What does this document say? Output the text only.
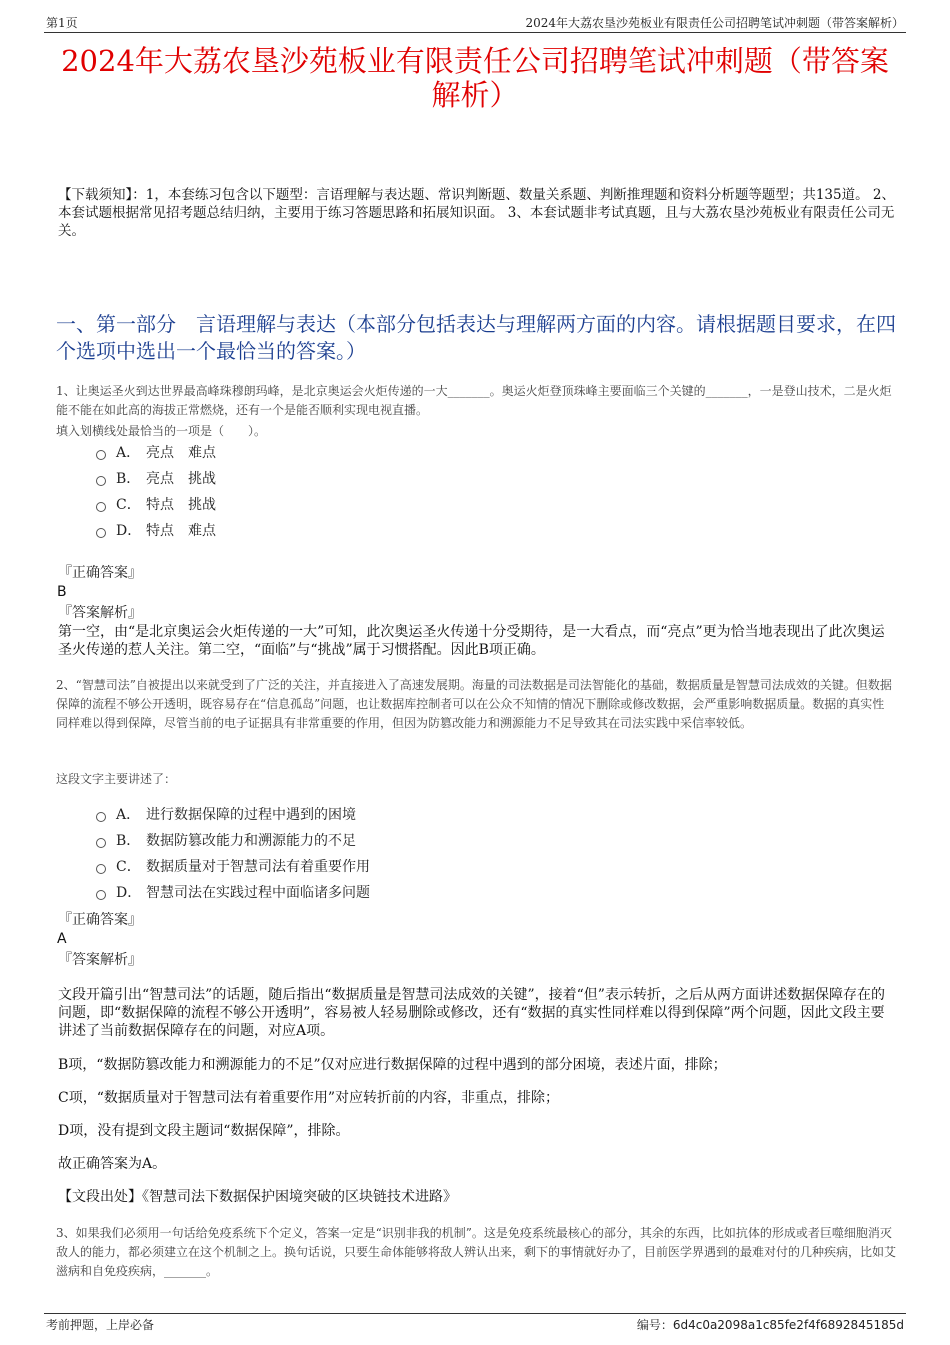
第1页	2024年大荔农垦沙苑板业有限责任公司招聘笔试冲刺题（带答案解析）
2024年大荔农垦沙苑板业有限责任公司招聘笔试冲刺题（带答案解析）
【下载须知】：1，本套练习包含以下题型：言语理解与表达题、常识判断题、数量关系题、判断推理题和资料分析题等题型；共135道。 2、本套试题根据常见招考题总结归纳，主要用于练习答题思路和拓展知识面。 3、本套试题非考试真题，且与大荔农垦沙苑板业有限责任公司无关。
一、第一部分　言语理解与表达（本部分包括表达与理解两方面的内容。请根据题目要求，在四个选项中选出一个最恰当的答案。）
1、让奥运圣火到达世界最高峰珠穆朗玛峰，是北京奥运会火炬传递的一大_______。奥运火炬登顶珠峰主要面临三个关键的_______，一是登山技术，二是火炬能不能在如此高的海拔正常燃烧，还有一个是能否顺利实现电视直播。
填入划横线处最恰当的一项是（　　）。
A． 亮点　难点
B． 亮点　挑战
C． 特点　挑战
D． 特点　难点
『正确答案』
B
『答案解析』
第一空，由“是北京奥运会火炬传递的一大”可知，此次奥运圣火传递十分受期待，是一大看点，而“亮点”更为恰当地表现出了此次奥运圣火传递的惹人关注。第二空，“面临”与“挑战”属于习惯搭配。因此B项正确。
2、“智慧司法”自被提出以来就受到了广泛的关注，并直接进入了高速发展期。海量的司法数据是司法智能化的基础，数据质量是智慧司法成效的关键。但数据保障的流程不够公开透明，既容易存在“信息孤岛”问题，也让数据库控制者可以在公众不知情的情况下删除或修改数据，会严重影响数据质量。数据的真实性同样难以得到保障，尽管当前的电子证据具有非常重要的作用，但因为防篡改能力和溯源能力不足导致其在司法实践中采信率较低。
这段文字主要讲述了：
A． 进行数据保障的过程中遇到的困境
B． 数据防篡改能力和溯源能力的不足
C． 数据质量对于智慧司法有着重要作用
D． 智慧司法在实践过程中面临诸多问题
『正确答案』
A
『答案解析』
文段开篇引出“智慧司法”的话题，随后指出“数据质量是智慧司法成效的关键”，接着“但”表示转折，之后从两方面讲述数据保障存在的问题，即“数据保障的流程不够公开透明”，容易被人轻易删除或修改，还有“数据的真实性同样难以得到保障”两个问题，因此文段主要讲述了当前数据保障存在的问题，对应A项。
B项，“数据防篡改能力和溯源能力的不足”仅对应进行数据保障的过程中遇到的部分困境，表述片面，排除；
C项，“数据质量对于智慧司法有着重要作用”对应转折前的内容，非重点，排除；
D项，没有提到文段主题词“数据保障”，排除。
故正确答案为A。
【文段出处】《智慧司法下数据保护困境突破的区块链技术进路》
3、如果我们必须用一句话给免疫系统下个定义，答案一定是“识别非我的机制”。这是免疫系统最核心的部分，其余的东西，比如抗体的形成或者巨噬细胞消灭敌人的能力，都必须建立在这个机制之上。换句话说，只要生命体能够将敌人辨认出来，剩下的事情就好办了，目前医学界遇到的最难对付的几种疾病，比如艾滋病和自免疫疾病，_______。
考前押题，上岸必备	编号：6d4c0a2098a1c85fe2f4f6892845185d
